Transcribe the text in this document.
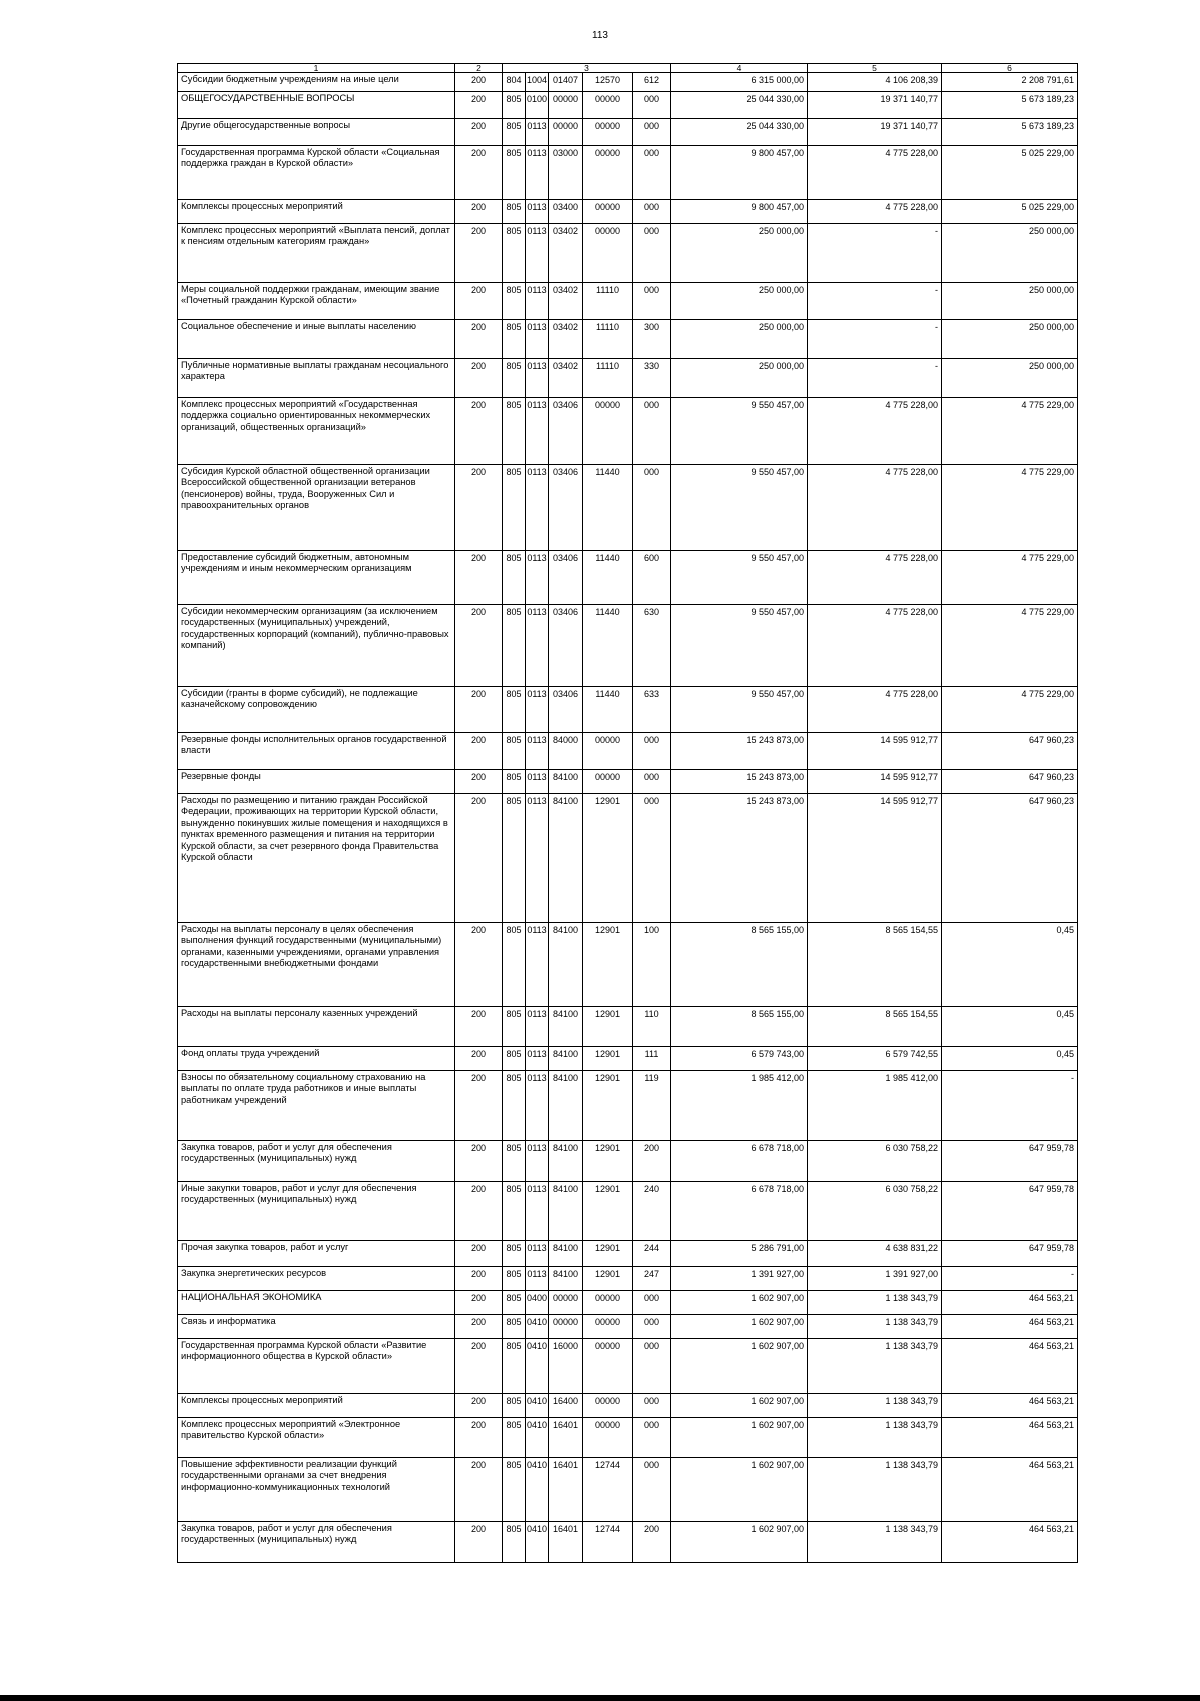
113
1	2	3					4	5	6
Субсидии бюджетным учреждениям на иные цели	200	804	1004	01407	12570	612	6 315 000,00	4 106 208,39	2 208 791,61
ОБЩЕГОСУДАРСТВЕННЫЕ ВОПРОСЫ	200	805	0100	00000	00000	000	25 044 330,00	19 371 140,77	5 673 189,23
Другие общегосударственные вопросы	200	805	0113	00000	00000	000	25 044 330,00	19 371 140,77	5 673 189,23
Государственная программа Курской области «Социальная поддержка граждан в Курской области»	200	805	0113	03000	00000	000	9 800 457,00	4 775 228,00	5 025 229,00
Комплексы процессных мероприятий	200	805	0113	03400	00000	000	9 800 457,00	4 775 228,00	5 025 229,00
Комплекс процессных мероприятий «Выплата пенсий, доплат к пенсиям отдельным категориям граждан»	200	805	0113	03402	00000	000	250 000,00	-	250 000,00
Меры социальной поддержки гражданам, имеющим звание «Почетный гражданин Курской области»	200	805	0113	03402	11110	000	250 000,00	-	250 000,00
Социальное обеспечение и иные выплаты населению	200	805	0113	03402	11110	300	250 000,00	-	250 000,00
Публичные нормативные выплаты гражданам несоциального характера	200	805	0113	03402	11110	330	250 000,00	-	250 000,00
Комплекс процессных мероприятий «Государственная поддержка социально ориентированных некоммерческих организаций, общественных организаций»	200	805	0113	03406	00000	000	9 550 457,00	4 775 228,00	4 775 229,00
Субсидия Курской областной общественной организации Всероссийской общественной организации ветеранов (пенсионеров) войны, труда, Вооруженных Сил и правоохранительных органов	200	805	0113	03406	11440	000	9 550 457,00	4 775 228,00	4 775 229,00
Предоставление субсидий бюджетным, автономным учреждениям и иным некоммерческим организациям	200	805	0113	03406	11440	600	9 550 457,00	4 775 228,00	4 775 229,00
Субсидии некоммерческим организациям (за исключением государственных (муниципальных) учреждений, государственных корпораций (компаний), публично-правовых компаний)	200	805	0113	03406	11440	630	9 550 457,00	4 775 228,00	4 775 229,00
Субсидии (гранты в форме субсидий), не подлежащие казначейскому сопровождению	200	805	0113	03406	11440	633	9 550 457,00	4 775 228,00	4 775 229,00
Резервные фонды исполнительных органов государственной власти	200	805	0113	84000	00000	000	15 243 873,00	14 595 912,77	647 960,23
Резервные фонды	200	805	0113	84100	00000	000	15 243 873,00	14 595 912,77	647 960,23
Расходы по размещению и питанию граждан Российской Федерации, проживающих на территории Курской области, вынужденно покинувших жилые помещения и находящихся в пунктах временного размещения и питания на территории Курской области, за счет резервного фонда Правительства Курской области	200	805	0113	84100	12901	000	15 243 873,00	14 595 912,77	647 960,23
Расходы на выплаты персоналу в целях обеспечения выполнения функций государственными (муниципальными) органами, казенными учреждениями, органами управления государственными внебюджетными фондами	200	805	0113	84100	12901	100	8 565 155,00	8 565 154,55	0,45
Расходы на выплаты персоналу казенных учреждений	200	805	0113	84100	12901	110	8 565 155,00	8 565 154,55	0,45
Фонд оплаты труда учреждений	200	805	0113	84100	12901	111	6 579 743,00	6 579 742,55	0,45
Взносы по обязательному социальному страхованию на выплаты по оплате труда работников и иные выплаты работникам учреждений	200	805	0113	84100	12901	119	1 985 412,00	1 985 412,00	-
Закупка товаров, работ и услуг для обеспечения государственных (муниципальных) нужд	200	805	0113	84100	12901	200	6 678 718,00	6 030 758,22	647 959,78
Иные закупки товаров, работ и услуг для обеспечения государственных (муниципальных) нужд	200	805	0113	84100	12901	240	6 678 718,00	6 030 758,22	647 959,78
Прочая закупка товаров, работ и услуг	200	805	0113	84100	12901	244	5 286 791,00	4 638 831,22	647 959,78
Закупка энергетических ресурсов	200	805	0113	84100	12901	247	1 391 927,00	1 391 927,00	-
НАЦИОНАЛЬНАЯ ЭКОНОМИКА	200	805	0400	00000	00000	000	1 602 907,00	1 138 343,79	464 563,21
Связь и информатика	200	805	0410	00000	00000	000	1 602 907,00	1 138 343,79	464 563,21
Государственная программа Курской области «Развитие информационного общества в Курской области»	200	805	0410	16000	00000	000	1 602 907,00	1 138 343,79	464 563,21
Комплексы процессных мероприятий	200	805	0410	16400	00000	000	1 602 907,00	1 138 343,79	464 563,21
Комплекс процессных мероприятий «Электронное правительство Курской области»	200	805	0410	16401	00000	000	1 602 907,00	1 138 343,79	464 563,21
Повышение эффективности реализации функций государственными органами за счет внедрения информационно-коммуникационных технологий	200	805	0410	16401	12744	000	1 602 907,00	1 138 343,79	464 563,21
Закупка товаров, работ и услуг для обеспечения государственных (муниципальных) нужд	200	805	0410	16401	12744	200	1 602 907,00	1 138 343,79	464 563,21
